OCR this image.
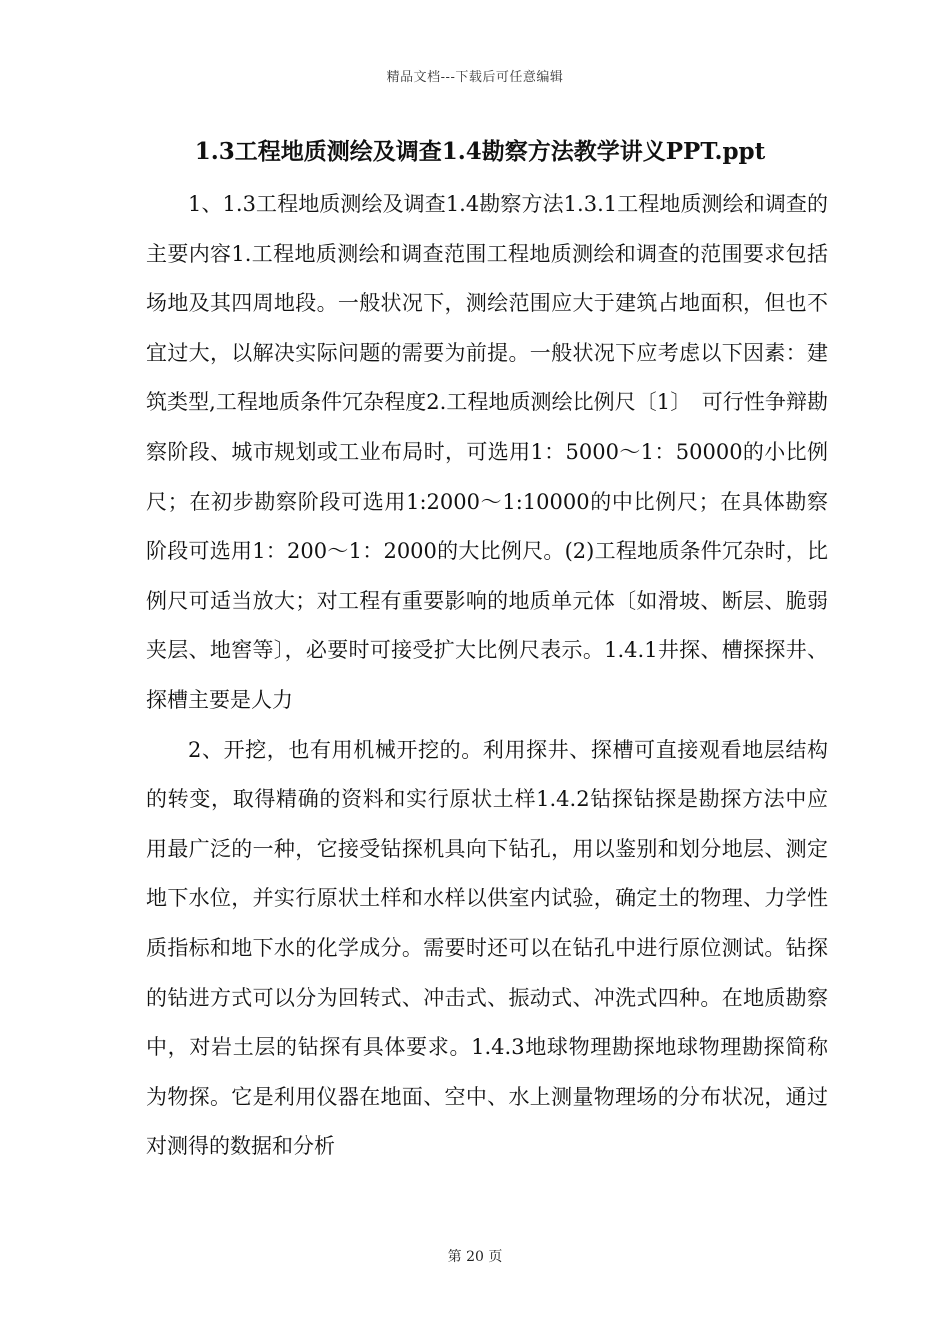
精品文档---下载后可任意编辑
1.3工程地质测绘及调查1.4勘察方法教学讲义PPT.ppt

1、1.3工程地质测绘及调查1.4勘察方法1.3.1工程地质测绘和调查的主要内容1.工程地质测绘和调查范围工程地质测绘和调查的范围要求包括场地及其四周地段。一般状况下，测绘范围应大于建筑占地面积，但也不宜过大，以解决实际问题的需要为前提。一般状况下应考虑以下因素：建筑类型,工程地质条件冗杂程度2.工程地质测绘比例尺〔1〕　可行性争辩勘察阶段、城市规划或工业布局时，可选用1：5000～1：50000的小比例尺；在初步勘察阶段可选用1:2000～1:10000的中比例尺；在具体勘察阶段可选用1：200～1：2000的大比例尺。(2)工程地质条件冗杂时，比例尺可适当放大；对工程有重要影响的地质单元体〔如滑坡、断层、脆弱夹层、地窖等〕，必要时可接受扩大比例尺表示。1.4.1井探、槽探探井、探槽主要是人力

2、开挖，也有用机械开挖的。利用探井、探槽可直接观看地层结构的转变，取得精确的资料和实行原状土样1.4.2钻探钻探是勘探方法中应用最广泛的一种，它接受钻探机具向下钻孔，用以鉴别和划分地层、测定地下水位，并实行原状土样和水样以供室内试验，确定土的物理、力学性质指标和地下水的化学成分。需要时还可以在钻孔中进行原位测试。钻探的钻进方式可以分为回转式、冲击式、振动式、冲洗式四种。在地质勘察中，对岩土层的钻探有具体要求。1.4.3地球物理勘探地球物理勘探简称为物探。它是利用仪器在地面、空中、水上测量物理场的分布状况，通过对测得的数据和分析

第 20 页
